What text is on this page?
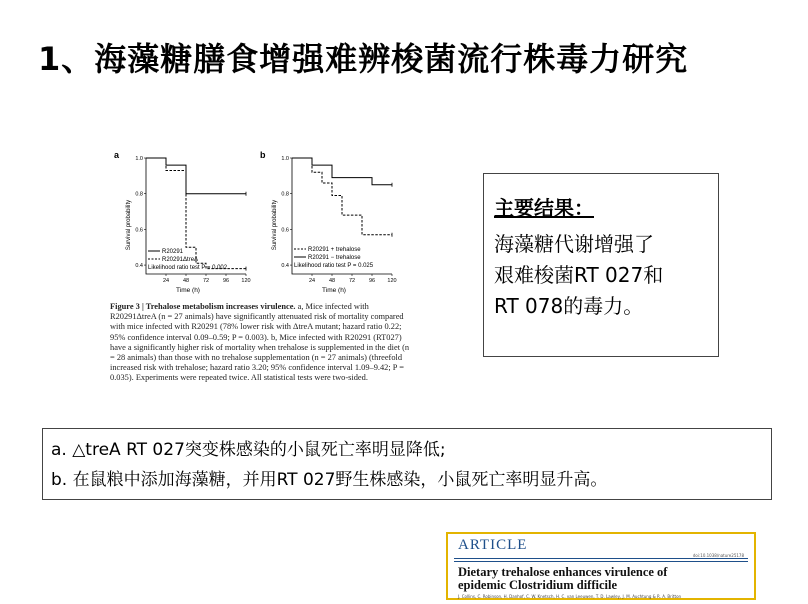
1、海藻糖膳食增强难辨梭菌流行株毒力研究
a
Survival probability
1.0
0.8
0.6
0.4
24	48	72	96 120
Time (h)
R20291
R20291ΔtreA
Likelihood ratio test P = 0.002
b
Survival probability
1.0
0.8
0.6
0.4
24	48	72	96 120
Time (h)
R20291 + trehalose
R20291 − trehalose
Likelihood ratio test P = 0.025
Figure 3 | Trehalose metabolism increases virulence. a, Mice infected with R20291ΔtreA (n = 27 animals) have significantly attenuated risk of mortality compared with mice infected with R20291 (78% lower risk with ΔtreA mutant; hazard ratio 0.22; 95% confidence interval 0.09–0.59; P = 0.003). b, Mice infected with R20291 (RT027) have a significantly higher risk of mortality when trehalose is supplemented in the diet (n = 28 animals) than those with no trehalose supplementation (n = 27 animals) (threefold increased risk with trehalose; hazard ratio 3.20; 95% confidence interval 1.09–9.42; P = 0.035). Experiments were repeated twice. All statistical tests were two-sided.
主要结果：
海藻糖代谢增强了
艰难梭菌RT 027和
RT 078的毒力。
a. △treA RT 027突变株感染的小鼠死亡率明显降低;
b. 在鼠粮中添加海藻糖，并用RT 027野生株感染，小鼠死亡率明显升高。
ARTICLE
doi:10.1038/nature25178
Dietary trehalose enhances virulence of
epidemic Clostridium difficile
J. Collins, C. Robinson, H. Danhof, C. W. Knetsch, H. C. van Leeuwen, T. D. Lawley, J. M. Auchtung & R. A. Britton
